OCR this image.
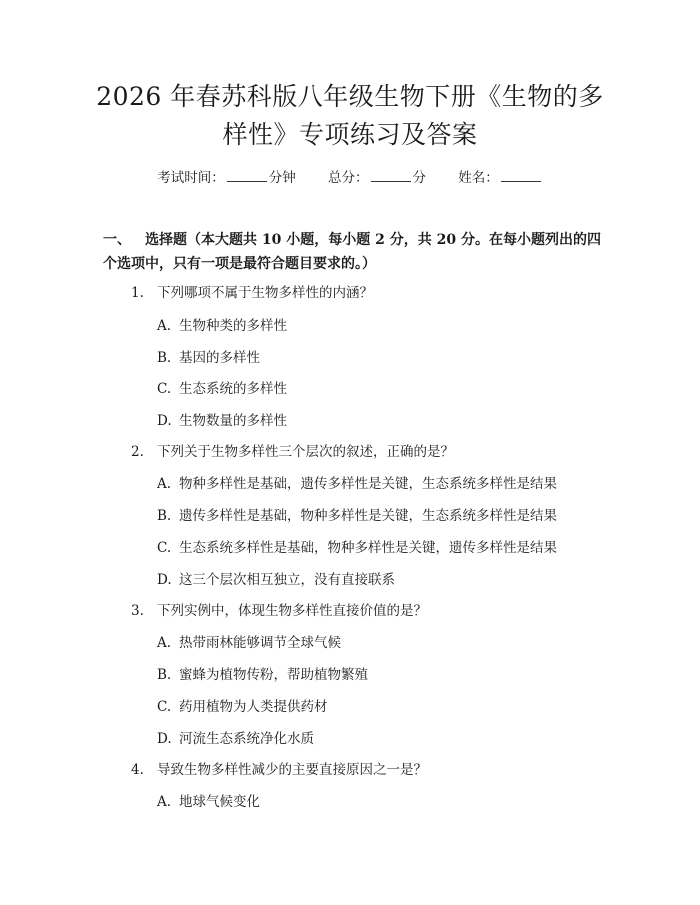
2026 年春苏科版八年级生物下册《生物的多
样性》专项练习及答案
考试时间：	分钟 总分：	分 姓名：

一、 选择题（本大题共 10 小题，每小题 2 分，共 20 分。在每小题列出的四个选项中，只有一项是最符合题目要求的。）

1. 下列哪项不属于生物多样性的内涵？
A. 生物种类的多样性
B. 基因的多样性
C. 生态系统的多样性
D. 生物数量的多样性
2. 下列关于生物多样性三个层次的叙述，正确的是？
A. 物种多样性是基础，遗传多样性是关键，生态系统多样性是结果
B. 遗传多样性是基础，物种多样性是关键，生态系统多样性是结果
C. 生态系统多样性是基础，物种多样性是关键，遗传多样性是结果
D. 这三个层次相互独立，没有直接联系
3. 下列实例中，体现生物多样性直接价值的是？
A. 热带雨林能够调节全球气候
B. 蜜蜂为植物传粉，帮助植物繁殖
C. 药用植物为人类提供药材
D. 河流生态系统净化水质
4. 导致生物多样性减少的主要直接原因之一是？
A. 地球气候变化
